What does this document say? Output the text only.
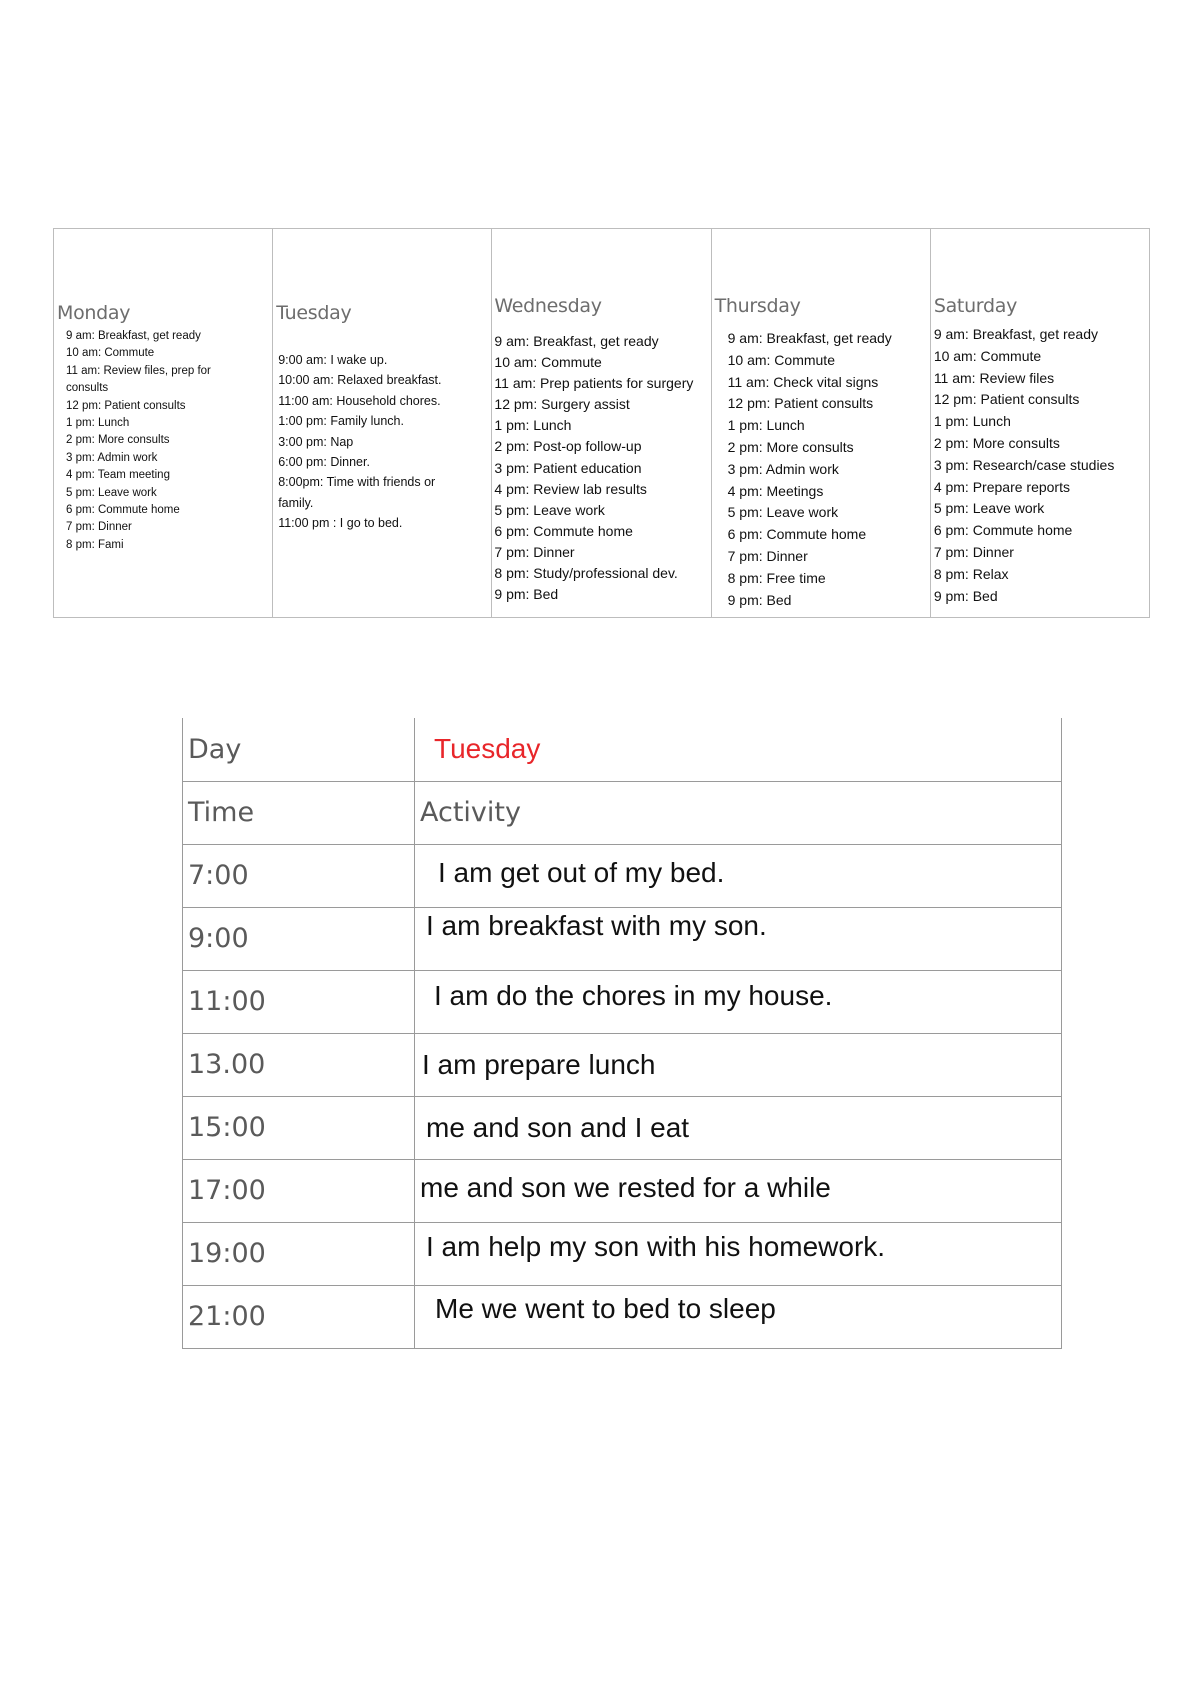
Monday
9 am: Breakfast, get ready
10 am: Commute
11 am: Review files, prep for consults
12 pm: Patient consults
1 pm: Lunch
2 pm: More consults
3 pm: Admin work
4 pm: Team meeting
5 pm: Leave work
6 pm: Commute home
7 pm: Dinner
8 pm: Fami
Tuesday
9:00 am: I wake up.
10:00 am: Relaxed breakfast.
11:00 am: Household chores.
1:00 pm: Family lunch.
3:00 pm: Nap
6:00 pm: Dinner.
8:00pm: Time with friends or family.
11:00 pm : I go to bed.
Wednesday
9 am: Breakfast, get ready
10 am: Commute
11 am: Prep patients for surgery
12 pm: Surgery assist
1 pm: Lunch
2 pm: Post-op follow-up
3 pm: Patient education
4 pm: Review lab results
5 pm: Leave work
6 pm: Commute home
7 pm: Dinner
8 pm: Study/professional dev.
9 pm: Bed
Thursday
9 am: Breakfast, get ready
10 am: Commute
11 am: Check vital signs
12 pm: Patient consults
1 pm: Lunch
2 pm: More consults
3 pm: Admin work
4 pm: Meetings
5 pm: Leave work
6 pm: Commute home
7 pm: Dinner
8 pm: Free time
9 pm: Bed
Saturday
9 am: Breakfast, get ready
10 am: Commute
11 am: Review files
12 pm: Patient consults
1 pm: Lunch
2 pm: More consults
3 pm: Research/case studies
4 pm: Prepare reports
5 pm: Leave work
6 pm: Commute home
7 pm: Dinner
8 pm: Relax
9 pm: Bed
Day	Tuesday
Time	Activity
7:00	I am get out of my bed.
9:00	I am breakfast with my son.
11:00	I am do the chores in my house.
13.00	I am prepare lunch
15:00	me and son and I eat
17:00	me and son we rested for a while
19:00	I am help my son with his homework.
21:00	Me we went to bed to sleep
